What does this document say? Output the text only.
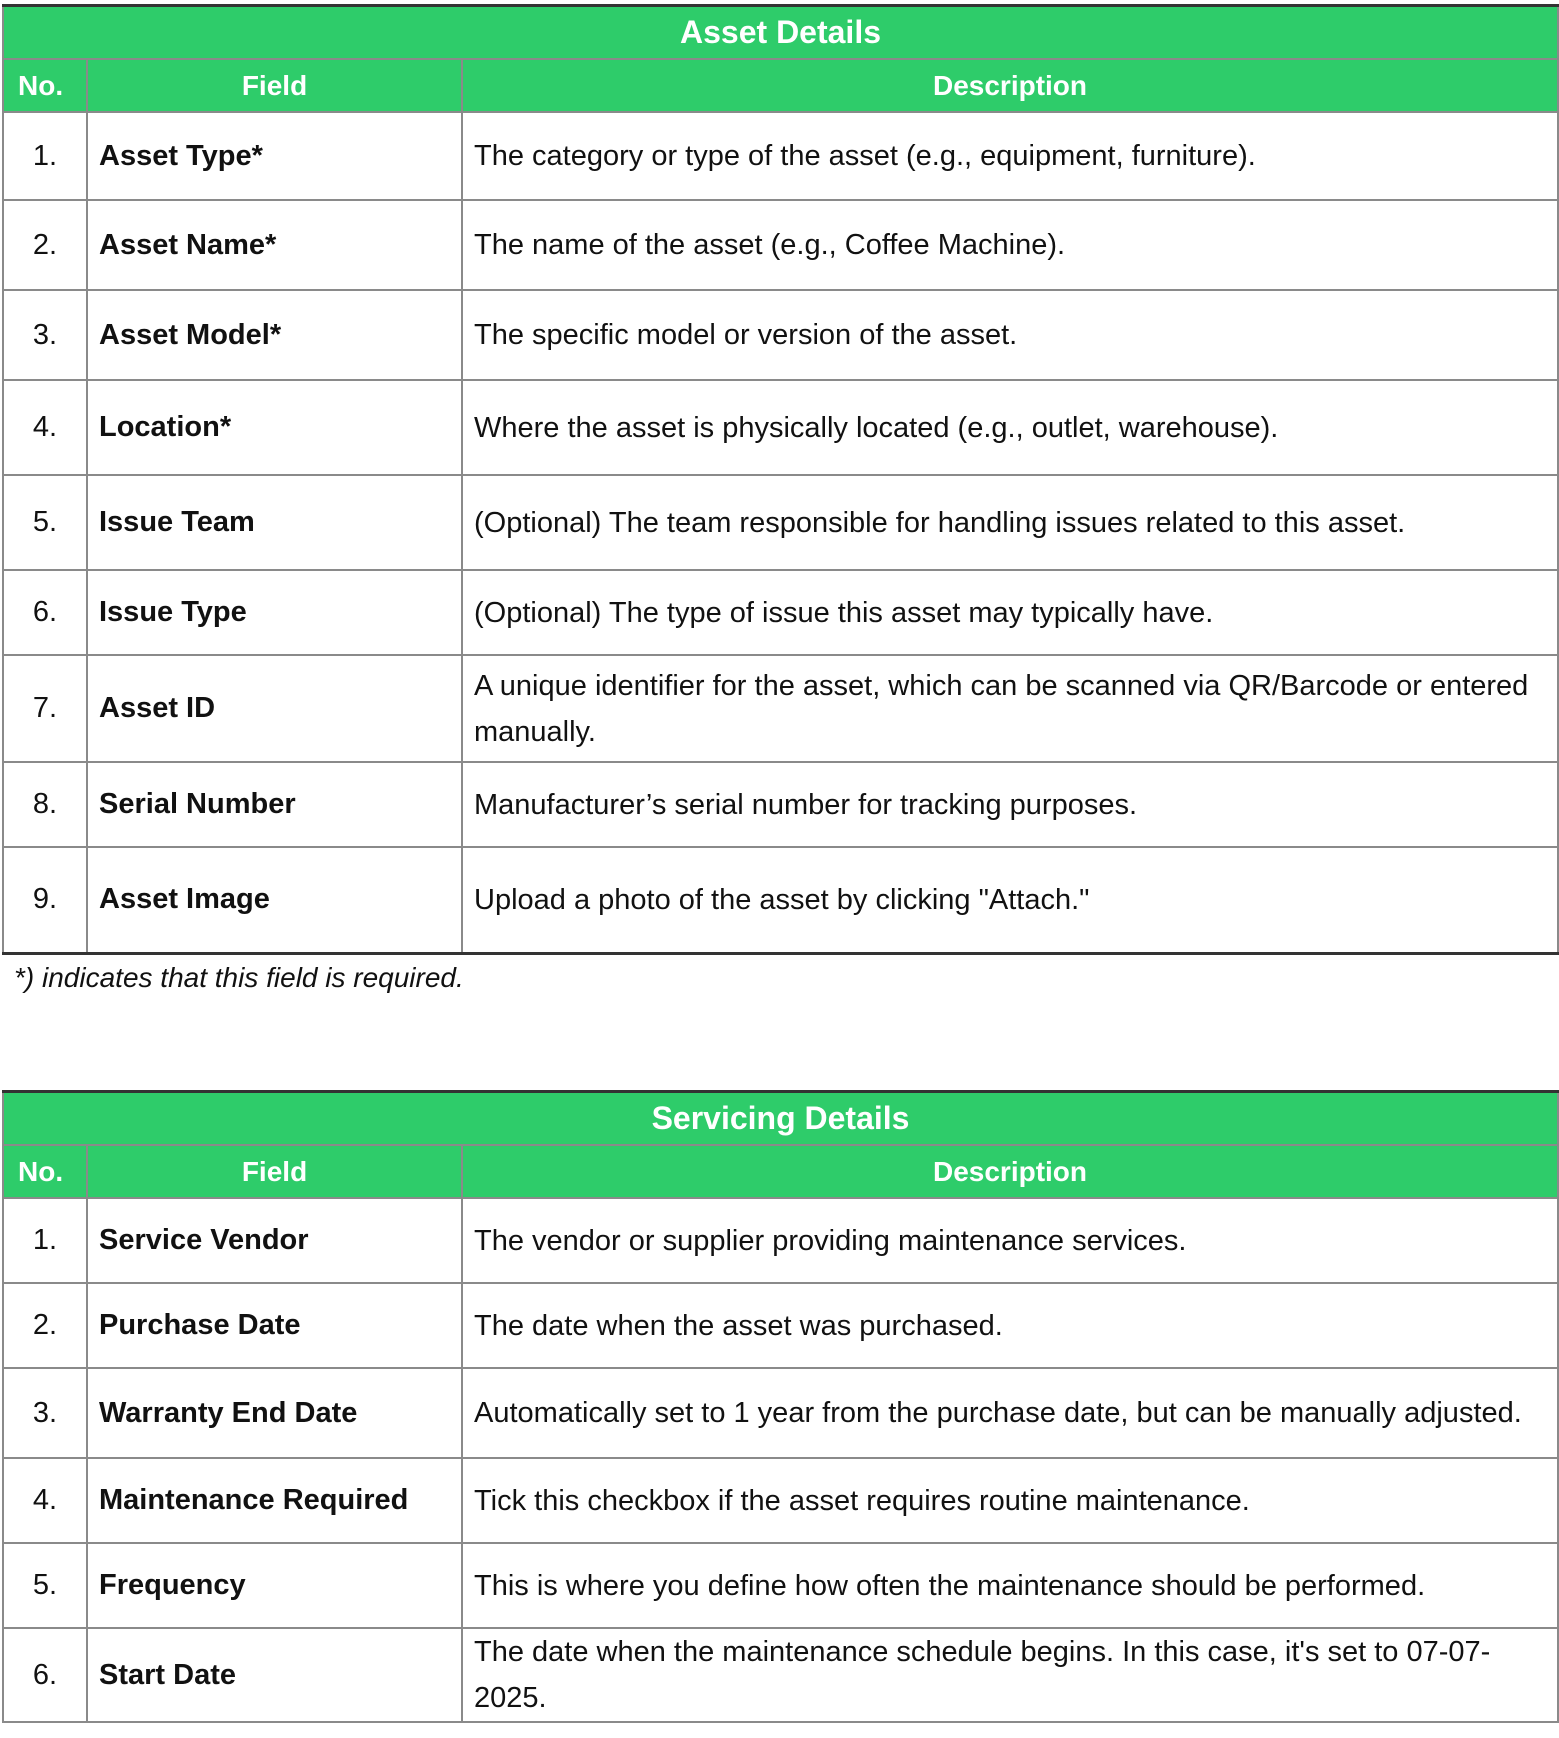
Asset Details		
No.	Field	Description
1.	Asset Type*	The category or type of the asset (e.g., equipment, furniture).
2.	Asset Name*	The name of the asset (e.g., Coffee Machine).
3.	Asset Model*	The specific model or version of the asset.
4.	Location*	Where the asset is physically located (e.g., outlet, warehouse).
5.	Issue Team	(Optional) The team responsible for handling issues related to this asset.
6.	Issue Type	(Optional) The type of issue this asset may typically have.
7.	Asset ID	A unique identifier for the asset, which can be scanned via QR/Barcode or entered manually.
8.	Serial Number	Manufacturer’s serial number for tracking purposes.
9.	Asset Image	Upload a photo of the asset by clicking "Attach."
*) indicates that this field is required.
Servicing Details		
No.	Field	Description
1.	Service Vendor	The vendor or supplier providing maintenance services.
2.	Purchase Date	The date when the asset was purchased.
3.	Warranty End Date	Automatically set to 1 year from the purchase date, but can be manually adjusted.
4.	Maintenance Required	Tick this checkbox if the asset requires routine maintenance.
5.	Frequency	This is where you define how often the maintenance should be performed.
6.	Start Date	The date when the maintenance schedule begins. In this case, it's set to 07-07-2025.
